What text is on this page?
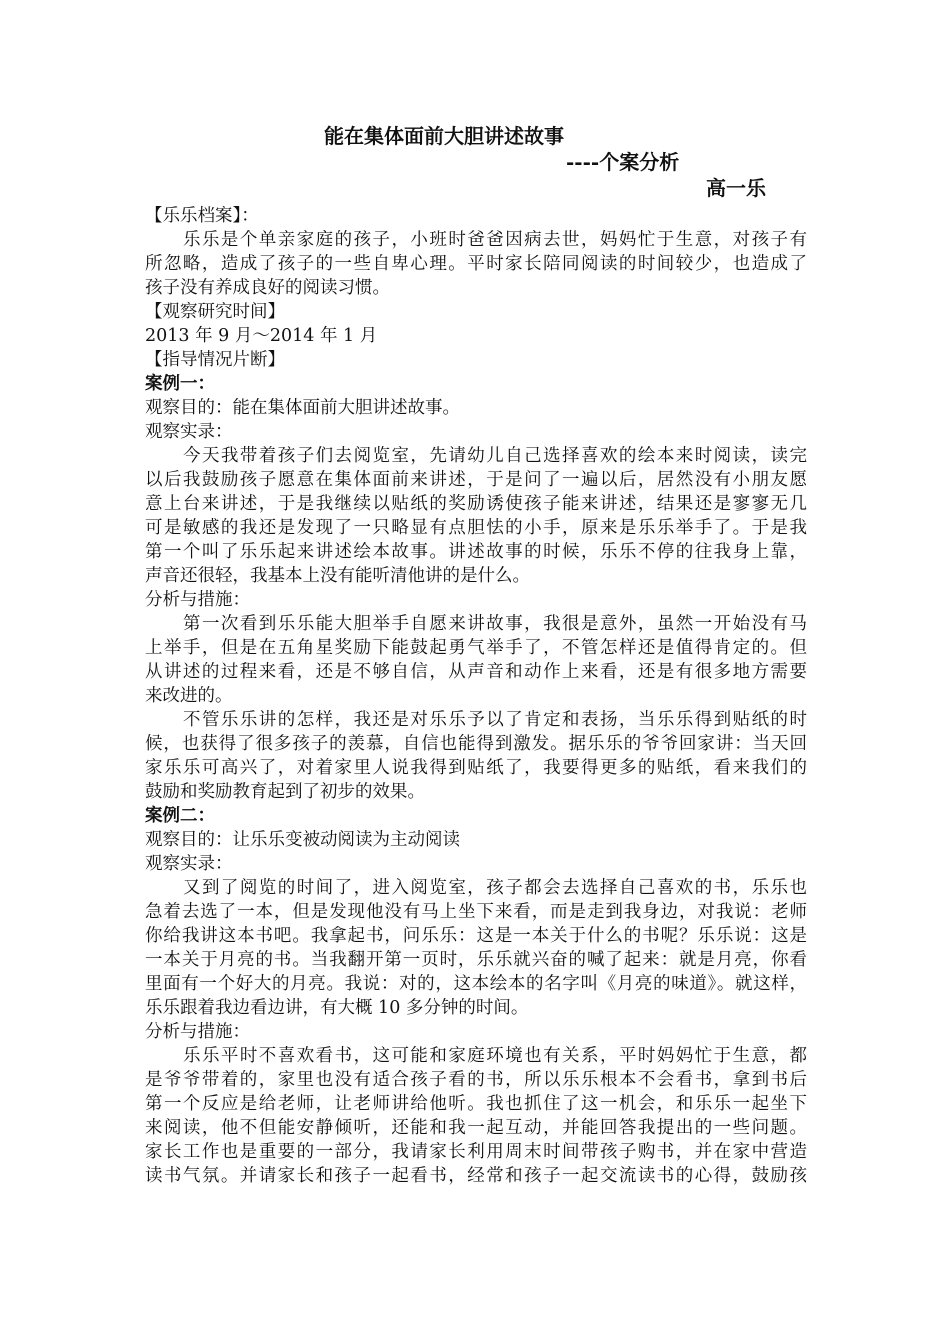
能在集体面前大胆讲述故事
----个案分析
高一乐
【乐乐档案】：
乐乐是个单亲家庭的孩子，小班时爸爸因病去世，妈妈忙于生意，对孩子有
所忽略，造成了孩子的一些自卑心理。平时家长陪同阅读的时间较少，也造成了
孩子没有养成良好的阅读习惯。
【观察研究时间】
2013 年 9 月～2014 年 1 月
【指导情况片断】
案例一：
观察目的：能在集体面前大胆讲述故事。
观察实录：
今天我带着孩子们去阅览室，先请幼儿自己选择喜欢的绘本来时阅读，读完
以后我鼓励孩子愿意在集体面前来讲述，于是问了一遍以后，居然没有小朋友愿
意上台来讲述，于是我继续以贴纸的奖励诱使孩子能来讲述，结果还是寥寥无几
可是敏感的我还是发现了一只略显有点胆怯的小手，原来是乐乐举手了。于是我
第一个叫了乐乐起来讲述绘本故事。讲述故事的时候，乐乐不停的往我身上靠，
声音还很轻，我基本上没有能听清他讲的是什么。
分析与措施：
第一次看到乐乐能大胆举手自愿来讲故事，我很是意外，虽然一开始没有马
上举手，但是在五角星奖励下能鼓起勇气举手了，不管怎样还是值得肯定的。但
从讲述的过程来看，还是不够自信，从声音和动作上来看，还是有很多地方需要
来改进的。
不管乐乐讲的怎样，我还是对乐乐予以了肯定和表扬，当乐乐得到贴纸的时
候，也获得了很多孩子的羡慕，自信也能得到激发。据乐乐的爷爷回家讲：当天回
家乐乐可高兴了，对着家里人说我得到贴纸了，我要得更多的贴纸，看来我们的
鼓励和奖励教育起到了初步的效果。
案例二：
观察目的：让乐乐变被动阅读为主动阅读
观察实录：
又到了阅览的时间了，进入阅览室，孩子都会去选择自己喜欢的书，乐乐也
急着去选了一本，但是发现他没有马上坐下来看，而是走到我身边，对我说：老师
你给我讲这本书吧。我拿起书，问乐乐：这是一本关于什么的书呢？乐乐说：这是
一本关于月亮的书。当我翻开第一页时，乐乐就兴奋的喊了起来：就是月亮，你看
里面有一个好大的月亮。我说：对的，这本绘本的名字叫《月亮的味道》。就这样，
乐乐跟着我边看边讲，有大概 10 多分钟的时间。
分析与措施：
乐乐平时不喜欢看书，这可能和家庭环境也有关系，平时妈妈忙于生意，都
是爷爷带着的，家里也没有适合孩子看的书，所以乐乐根本不会看书，拿到书后
第一个反应是给老师，让老师讲给他听。我也抓住了这一机会，和乐乐一起坐下
来阅读，他不但能安静倾听，还能和我一起互动，并能回答我提出的一些问题。
家长工作也是重要的一部分，我请家长利用周末时间带孩子购书，并在家中营造
读书气氛。并请家长和孩子一起看书，经常和孩子一起交流读书的心得，鼓励孩
